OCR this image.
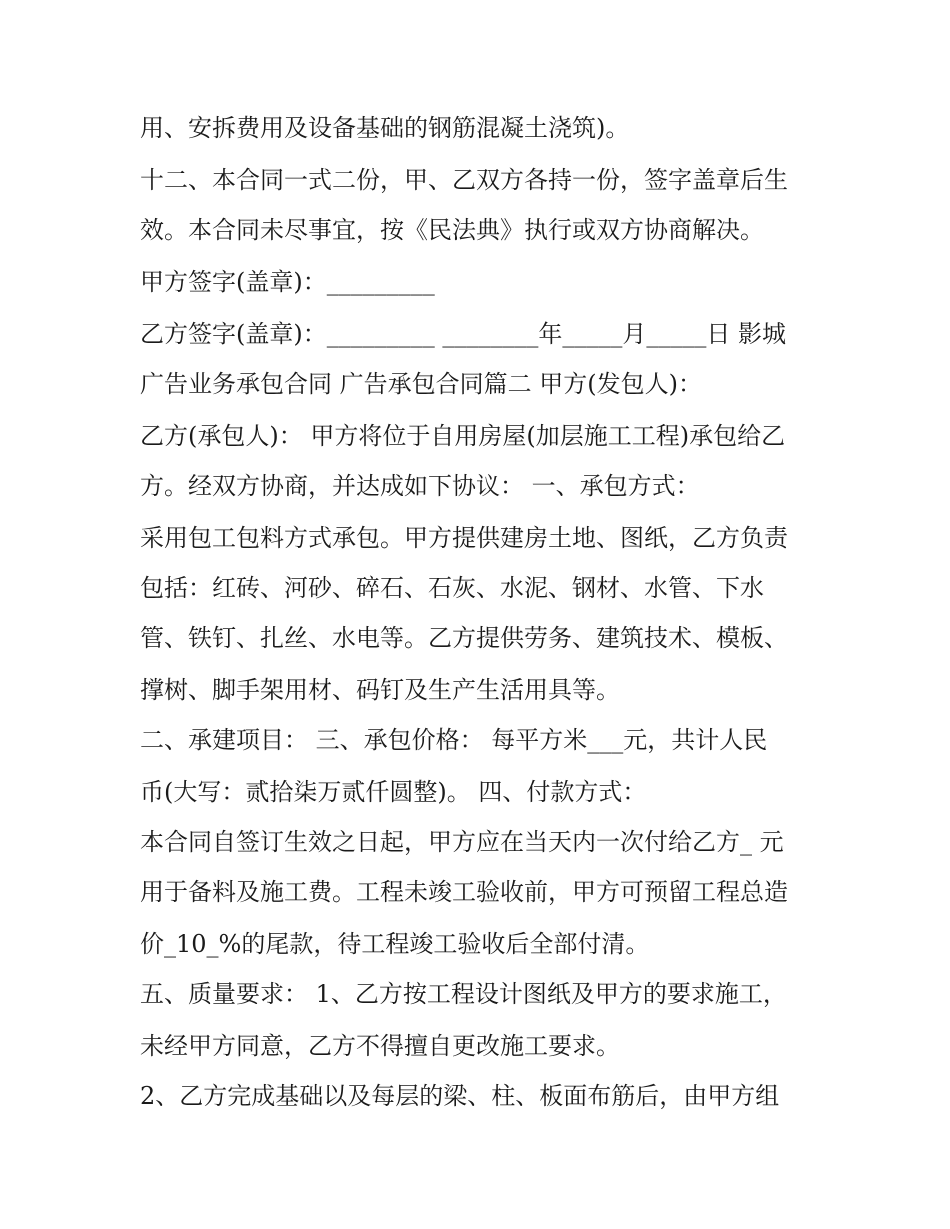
用、安拆费用及设备基础的钢筋混凝土浇筑)。

十二、本合同一式二份，甲、乙双方各持一份，签字盖章后生

效。本合同未尽事宜，按《民法典》执行或双方协商解决。

甲方签字(盖章)：_________

乙方签字(盖章)：_________ ________年_____月_____日 影城

广告业务承包合同 广告承包合同篇二 甲方(发包人)：

乙方(承包人)： 甲方将位于自用房屋(加层施工工程)承包给乙

方。经双方协商，并达成如下协议： 一、承包方式：

采用包工包料方式承包。甲方提供建房土地、图纸，乙方负责

包括：红砖、河砂、碎石、石灰、水泥、钢材、水管、下水

管、铁钉、扎丝、水电等。乙方提供劳务、建筑技术、模板、

撑树、脚手架用材、码钉及生产生活用具等。

二、承建项目： 三、承包价格： 每平方米___元，共计人民

币(大写：贰拾柒万贰仟圆整)。 四、付款方式：

本合同自签订生效之日起，甲方应在当天内一次付给乙方_ 元

用于备料及施工费。工程未竣工验收前，甲方可预留工程总造

价_10_%的尾款，待工程竣工验收后全部付清。

五、质量要求： 1、乙方按工程设计图纸及甲方的要求施工，

未经甲方同意，乙方不得擅自更改施工要求。

2、乙方完成基础以及每层的梁、柱、板面布筋后，由甲方组
